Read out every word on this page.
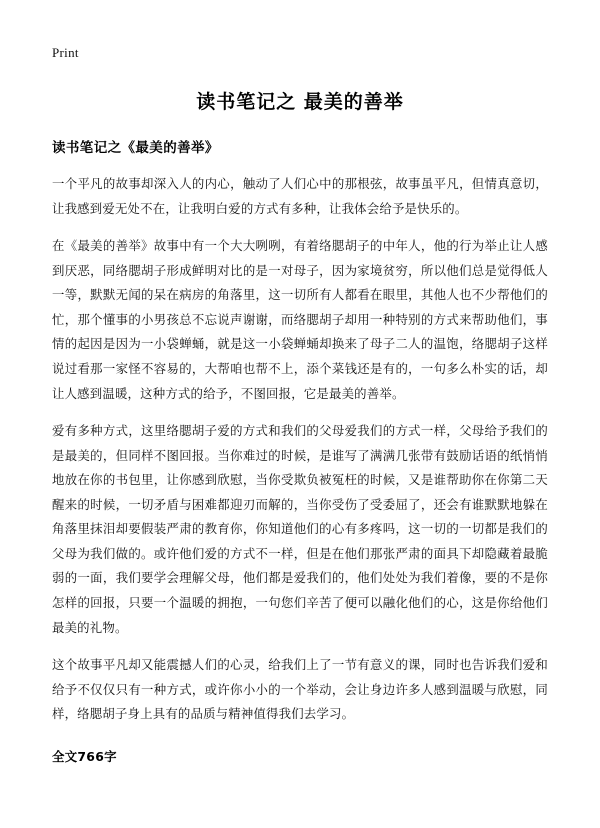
Print
读书笔记之 最美的善举

读书笔记之《最美的善举》

一个平凡的故事却深入人的内心，触动了人们心中的那根弦，故事虽平凡，但情真意切，让我感到爱无处不在，让我明白爱的方式有多种，让我体会给予是快乐的。

在《最美的善举》故事中有一个大大咧咧，有着络腮胡子的中年人，他的行为举止让人感到厌恶，同络腮胡子形成鲜明对比的是一对母子，因为家境贫穷，所以他们总是觉得低人一等，默默无闻的呆在病房的角落里，这一切所有人都看在眼里，其他人也不少帮他们的忙，那个懂事的小男孩总不忘说声谢谢，而络腮胡子却用一种特别的方式来帮助他们，事情的起因是因为一小袋蝉蛹，就是这一小袋蝉蛹却换来了母子二人的温饱，络腮胡子这样说过看那一家怪不容易的，大帮咱也帮不上，添个菜钱还是有的，一句多么朴实的话，却让人感到温暖，这种方式的给予，不图回报，它是最美的善举。

爱有多种方式，这里络腮胡子爱的方式和我们的父母爱我们的方式一样，父母给予我们的是最美的，但同样不图回报。当你难过的时候，是谁写了满满几张带有鼓励话语的纸悄悄地放在你的书包里，让你感到欣慰，当你受欺负被冤枉的时候，又是谁帮助你在你第二天醒来的时候，一切矛盾与困难都迎刃而解的，当你受伤了受委屈了，还会有谁默默地躲在角落里抹泪却要假装严肃的教育你，你知道他们的心有多疼吗，这一切的一切都是我们的父母为我们做的。或许他们爱的方式不一样，但是在他们那张严肃的面具下却隐藏着最脆弱的一面，我们要学会理解父母，他们都是爱我们的，他们处处为我们着像，要的不是你怎样的回报，只要一个温暖的拥抱，一句您们辛苦了便可以融化他们的心，这是你给他们最美的礼物。

这个故事平凡却又能震撼人们的心灵，给我们上了一节有意义的课，同时也告诉我们爱和给予不仅仅只有一种方式，或许你小小的一个举动，会让身边许多人感到温暖与欣慰，同样，络腮胡子身上具有的品质与精神值得我们去学习。

全文766字
